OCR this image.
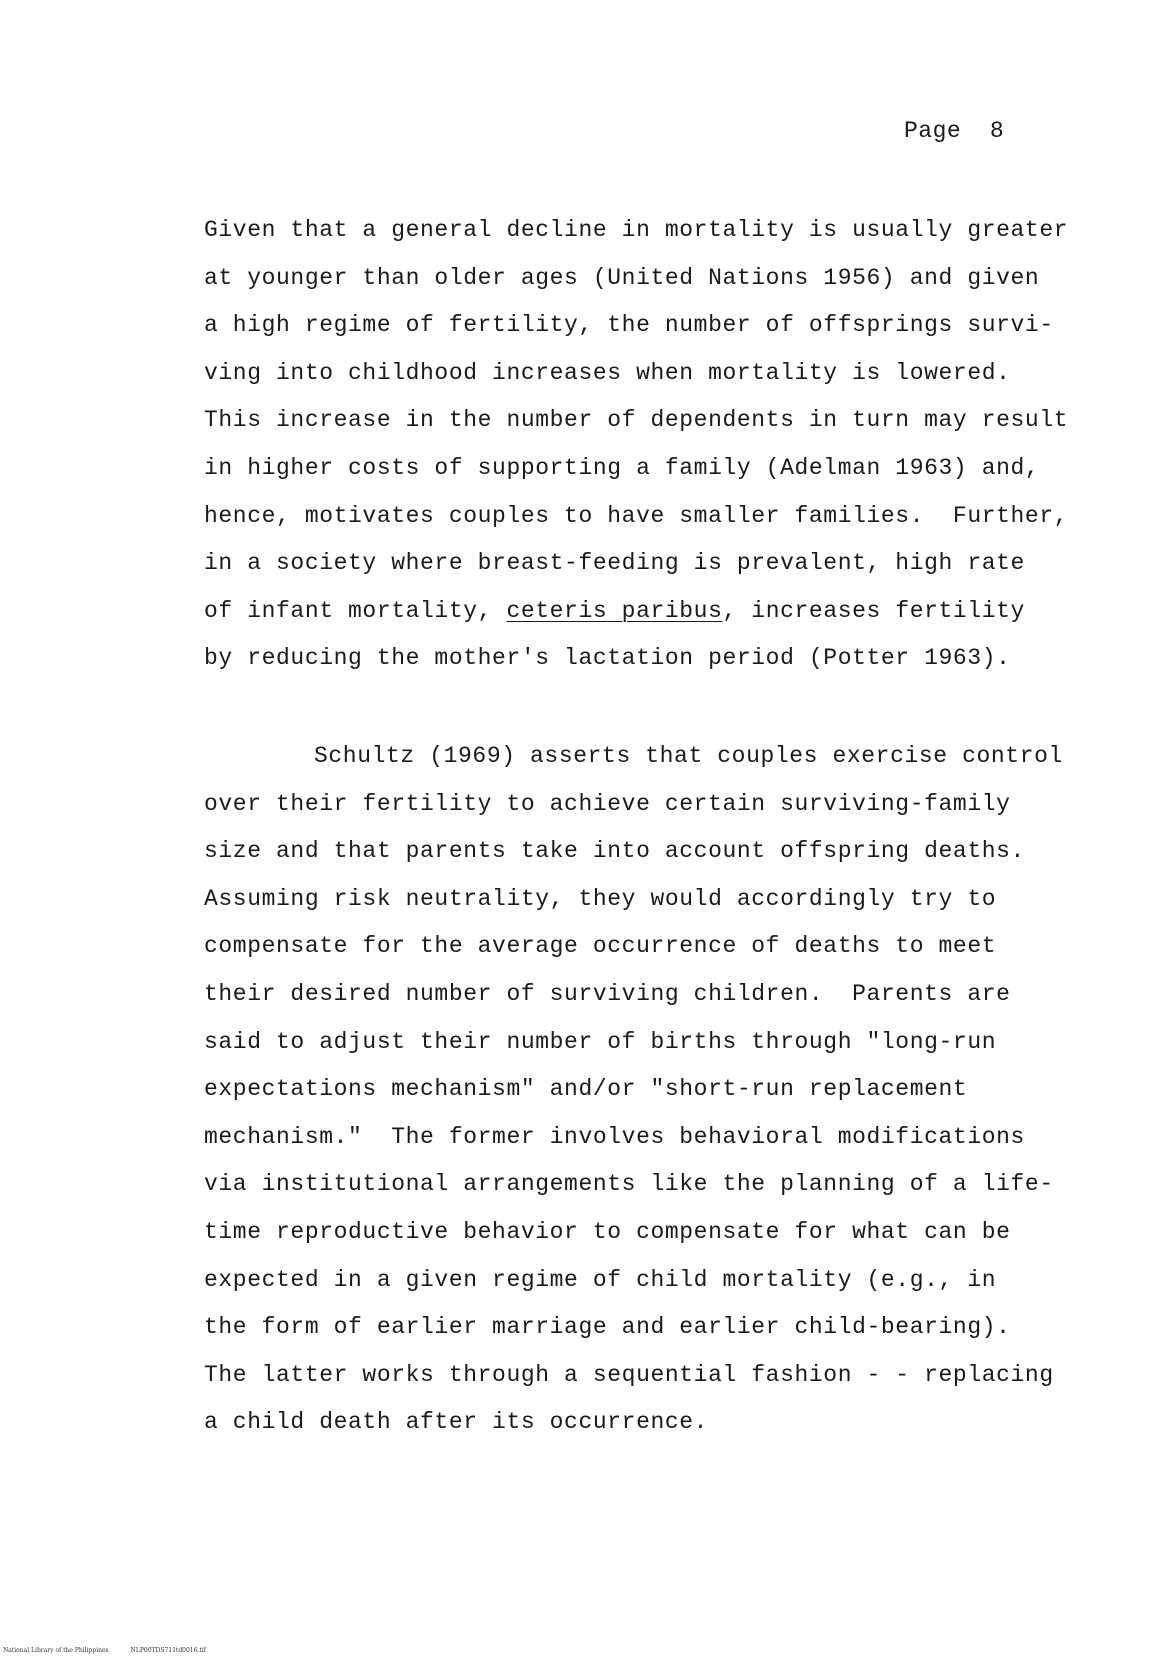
Page  8
Given that a general decline in mortality is usually greater
at younger than older ages (United Nations 1956) and given
a high regime of fertility, the number of offsprings survi-
ving into childhood increases when mortality is lowered.
This increase in the number of dependents in turn may result
in higher costs of supporting a family (Adelman 1963) and,
hence, motivates couples to have smaller families.  Further,
in a society where breast-feeding is prevalent, high rate
of infant mortality, ceteris paribus, increases fertility
by reducing the mother's lactation period (Potter 1963).
Schultz (1969) asserts that couples exercise control
over their fertility to achieve certain surviving-family
size and that parents take into account offspring deaths.
Assuming risk neutrality, they would accordingly try to
compensate for the average occurrence of deaths to meet
their desired number of surviving children.  Parents are
said to adjust their number of births through "long-run
expectations mechanism" and/or "short-run replacement
mechanism."  The former involves behavioral modifications
via institutional arrangements like the planning of a life-
time reproductive behavior to compensate for what can be
expected in a given regime of child mortality (e.g., in
the form of earlier marriage and earlier child-bearing).
The latter works through a sequential fashion - - replacing
a child death after its occurrence.
National Library of the Philippines	NLP00TDS711td0016.tif
